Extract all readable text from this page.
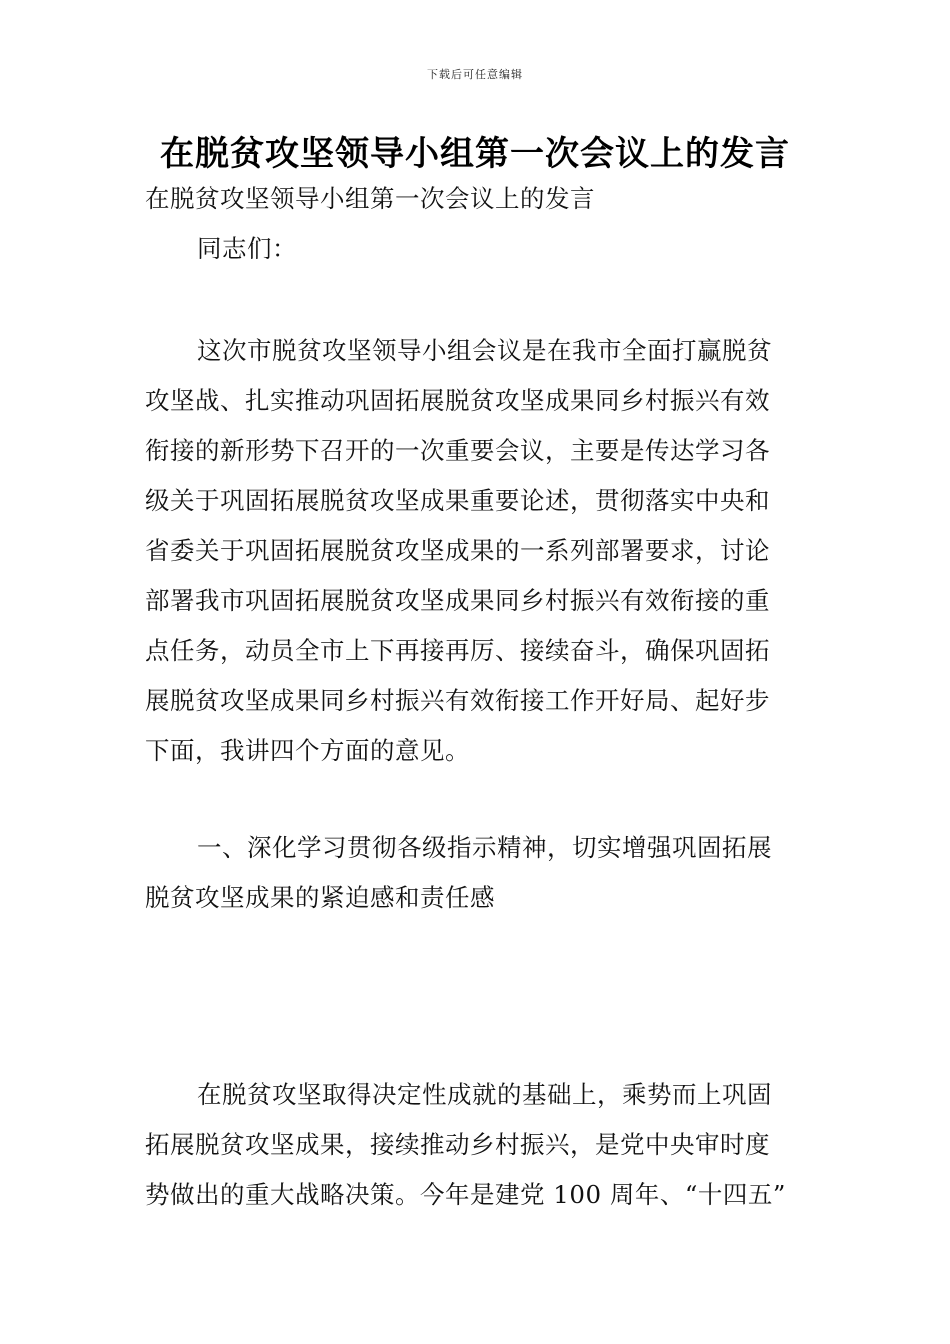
下载后可任意编辑
在脱贫攻坚领导小组第一次会议上的发言
在脱贫攻坚领导小组第一次会议上的发言
同志们：
这次市脱贫攻坚领导小组会议是在我市全面打赢脱贫
攻坚战、扎实推动巩固拓展脱贫攻坚成果同乡村振兴有效
衔接的新形势下召开的一次重要会议，主要是传达学习各
级关于巩固拓展脱贫攻坚成果重要论述，贯彻落实中央和
省委关于巩固拓展脱贫攻坚成果的一系列部署要求，讨论
部署我市巩固拓展脱贫攻坚成果同乡村振兴有效衔接的重
点任务，动员全市上下再接再厉、接续奋斗，确保巩固拓
展脱贫攻坚成果同乡村振兴有效衔接工作开好局、起好步
下面，我讲四个方面的意见。
一、深化学习贯彻各级指示精神，切实增强巩固拓展
脱贫攻坚成果的紧迫感和责任感
在脱贫攻坚取得决定性成就的基础上，乘势而上巩固
拓展脱贫攻坚成果，接续推动乡村振兴，是党中央审时度
势做出的重大战略决策。今年是建党 100 周年、“十四五”
